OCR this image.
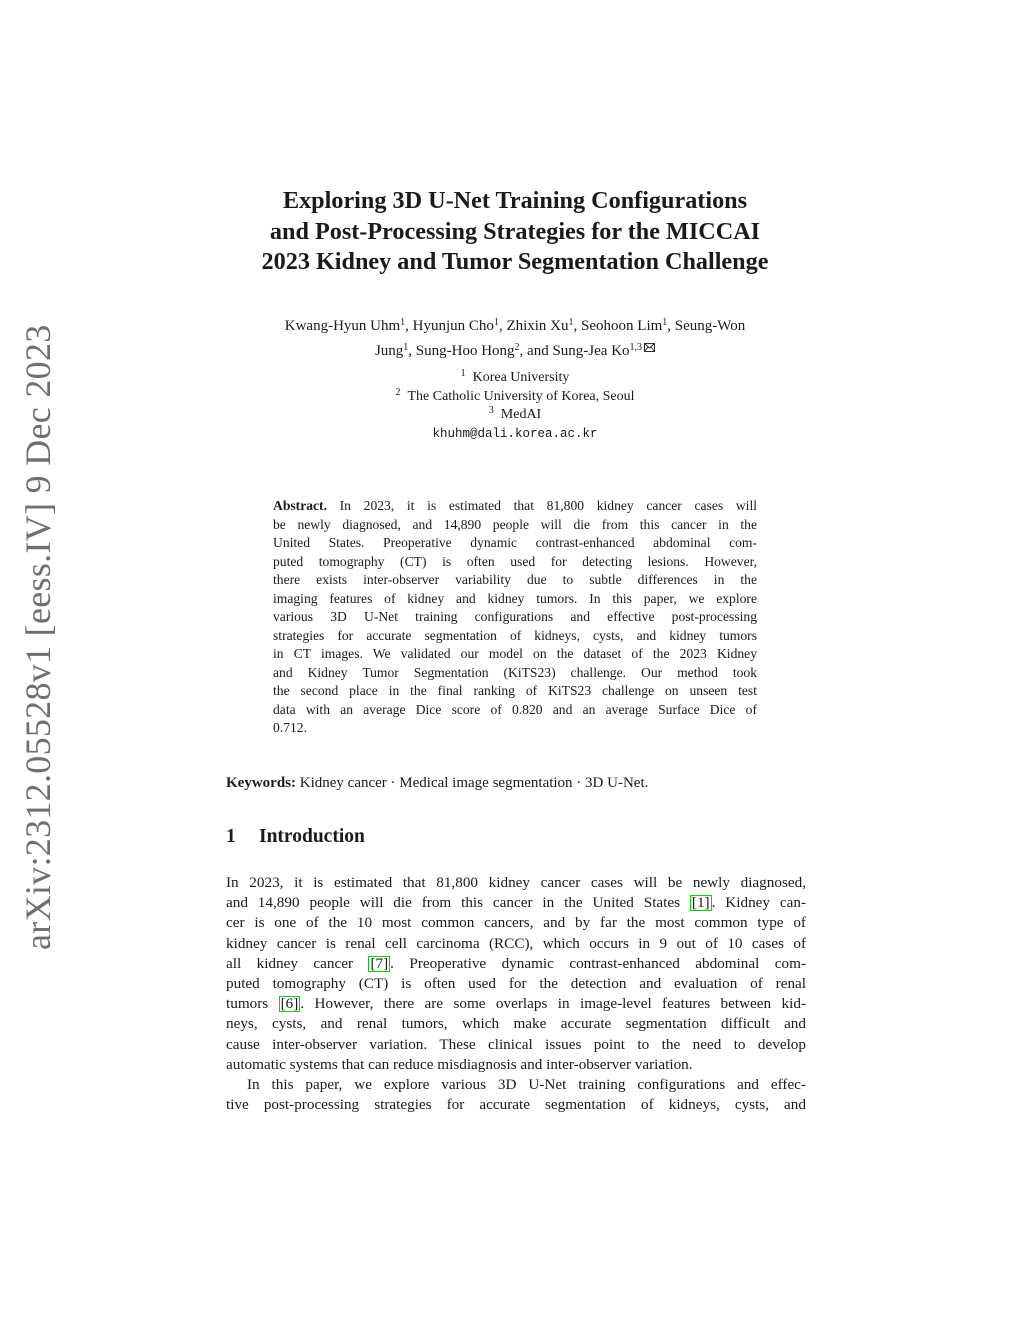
arXiv:2312.05528v1 [eess.IV] 9 Dec 2023
Exploring 3D U-Net Training Configurations
and Post-Processing Strategies for the MICCAI
2023 Kidney and Tumor Segmentation Challenge
Kwang-Hyun Uhm$^1$, Hyunjun Cho$^1$, Zhixin Xu$^1$, Seohoon Lim$^1$, Seung-Won
Jung$^1$, Sung-Hoo Hong$^2$, and Sung-Jea Ko$^{1,3}$
$^1$ Korea University
$^2$ The Catholic University of Korea, Seoul
$^3$ MedAI
khuhm@dali.korea.ac.kr
Abstract. In 2023, it is estimated that 81,800 kidney cancer cases will
be newly diagnosed, and 14,890 people will die from this cancer in the
United States. Preoperative dynamic contrast-enhanced abdominal com-
puted tomography (CT) is often used for detecting lesions. However,
there exists inter-observer variability due to subtle differences in the
imaging features of kidney and kidney tumors. In this paper, we explore
various 3D U-Net training configurations and effective post-processing
strategies for accurate segmentation of kidneys, cysts, and kidney tumors
in CT images. We validated our model on the dataset of the 2023 Kidney
and Kidney Tumor Segmentation (KiTS23) challenge. Our method took
the second place in the final ranking of KiTS23 challenge on unseen test
data with an average Dice score of 0.820 and an average Surface Dice of
0.712.
Keywords: Kidney cancer · Medical image segmentation · 3D U-Net.
1 Introduction
In 2023, it is estimated that 81,800 kidney cancer cases will be newly diagnosed,
and 14,890 people will die from this cancer in the United States [1] . Kidney can-
cer is one of the 10 most common cancers, and by far the most common type of
kidney cancer is renal cell carcinoma (RCC), which occurs in 9 out of 10 cases of
all kidney cancer [7] . Preoperative dynamic contrast-enhanced abdominal com-
puted tomography (CT) is often used for the detection and evaluation of renal
tumors [6] . However, there are some overlaps in image-level features between kid-
neys, cysts, and renal tumors, which make accurate segmentation difficult and
cause inter-observer variation. These clinical issues point to the need to develop
automatic systems that can reduce misdiagnosis and inter-observer variation.
In this paper, we explore various 3D U-Net training configurations and effec-
tive post-processing strategies for accurate segmentation of kidneys, cysts, and
